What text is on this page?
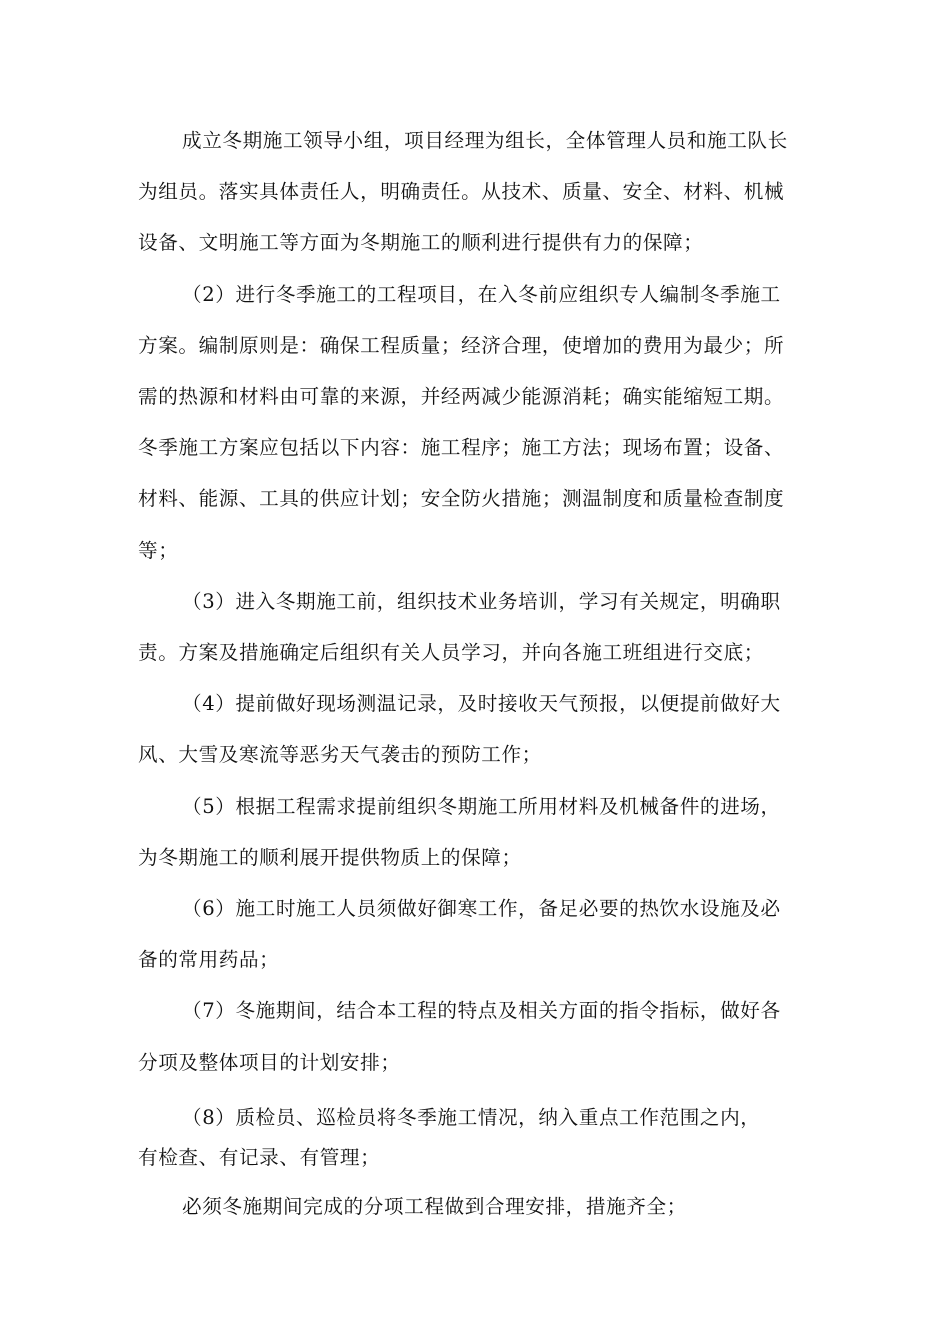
成立冬期施工领导小组，项目经理为组长，全体管理人员和施工队长
为组员。落实具体责任人，明确责任。从技术、质量、安全、材料、机械
设备、文明施工等方面为冬期施工的顺利进行提供有力的保障；

（2）进行冬季施工的工程项目，在入冬前应组织专人编制冬季施工
方案。编制原则是：确保工程质量；经济合理，使增加的费用为最少；所
需的热源和材料由可靠的来源，并经两减少能源消耗；确实能缩短工期。
冬季施工方案应包括以下内容：施工程序；施工方法；现场布置；设备、
材料、能源、工具的供应计划；安全防火措施；测温制度和质量检查制度
等；

（3）进入冬期施工前，组织技术业务培训，学习有关规定，明确职
责。方案及措施确定后组织有关人员学习，并向各施工班组进行交底；

（4）提前做好现场测温记录，及时接收天气预报，以便提前做好大
风、大雪及寒流等恶劣天气袭击的预防工作；

（5）根据工程需求提前组织冬期施工所用材料及机械备件的进场，
为冬期施工的顺利展开提供物质上的保障；

（6）施工时施工人员须做好御寒工作，备足必要的热饮水设施及必
备的常用药品；

（7）冬施期间，结合本工程的特点及相关方面的指令指标，做好各
分项及整体项目的计划安排；

（8）质检员、巡检员将冬季施工情况，纳入重点工作范围之内，
有检查、有记录、有管理；

必须冬施期间完成的分项工程做到合理安排，措施齐全；
